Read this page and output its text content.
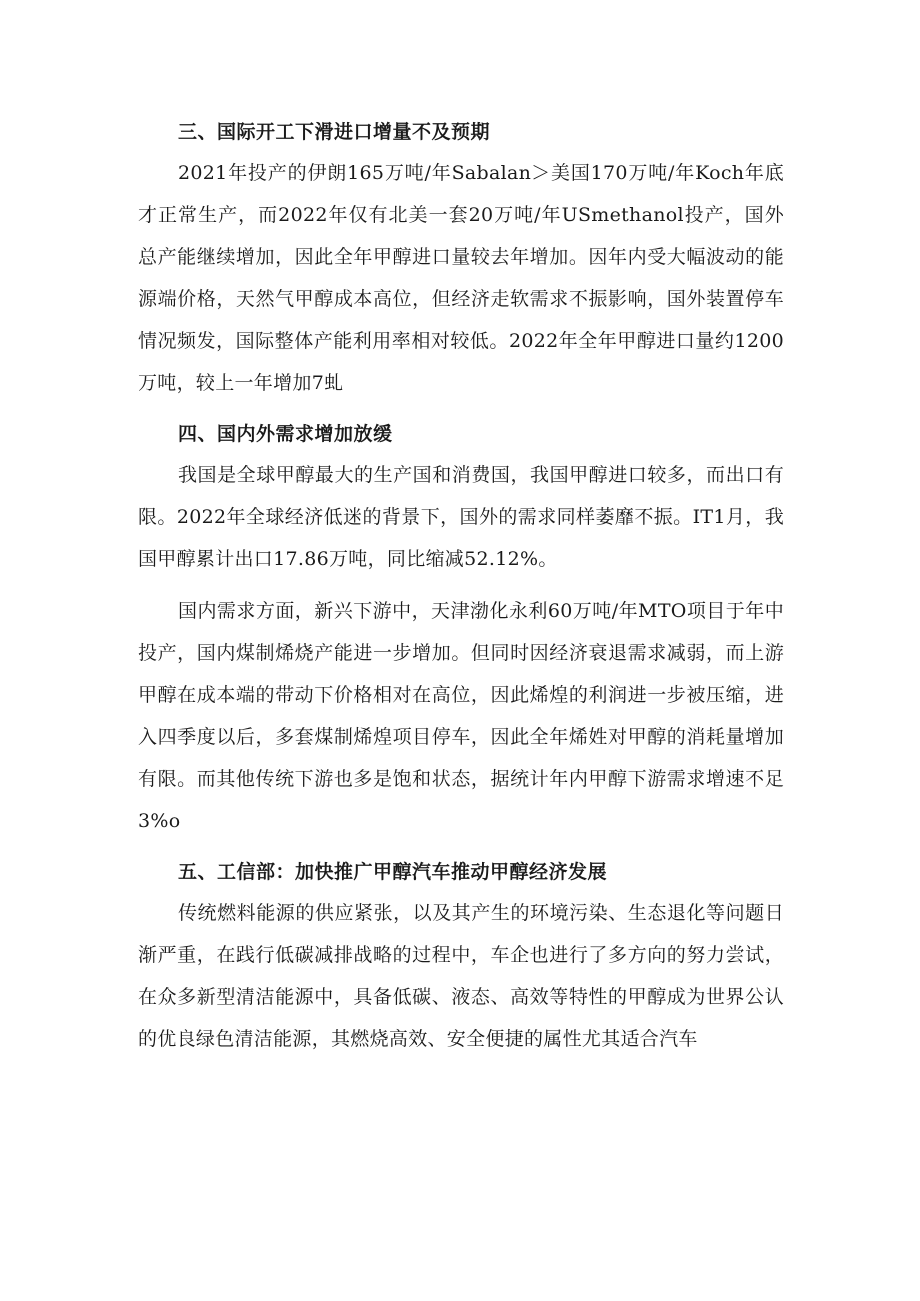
三、国际开工下滑进口增量不及预期

2021年投产的伊朗165万吨/年Sabalan＞美国170万吨/年Koch年底才正常生产，而2022年仅有北美一套20万吨/年USmethanol投产，国外总产能继续增加，因此全年甲醇进口量较去年增加。因年内受大幅波动的能源端价格，天然气甲醇成本高位，但经济走软需求不振影响，国外装置停车情况频发，国际整体产能利用率相对较低。2022年全年甲醇进口量约1200万吨，较上一年增加7虬

四、国内外需求增加放缓

我国是全球甲醇最大的生产国和消费国，我国甲醇进口较多，而出口有限。2022年全球经济低迷的背景下，国外的需求同样萎靡不振。IT1月，我国甲醇累计出口17.86万吨，同比缩减52.12%。

国内需求方面，新兴下游中，天津渤化永利60万吨/年MTO项目于年中投产，国内煤制烯烧产能进一步增加。但同时因经济衰退需求减弱，而上游甲醇在成本端的带动下价格相对在高位，因此烯煌的利润进一步被压缩，进入四季度以后，多套煤制烯煌项目停车，因此全年烯姓对甲醇的消耗量增加有限。而其他传统下游也多是饱和状态，据统计年内甲醇下游需求增速不足3%o

五、工信部：加快推广甲醇汽车推动甲醇经济发展

传统燃料能源的供应紧张，以及其产生的环境污染、生态退化等问题日渐严重，在践行低碳减排战略的过程中，车企也进行了多方向的努力尝试，在众多新型清洁能源中，具备低碳、液态、高效等特性的甲醇成为世界公认的优良绿色清洁能源，其燃烧高效、安全便捷的属性尤其适合汽车
